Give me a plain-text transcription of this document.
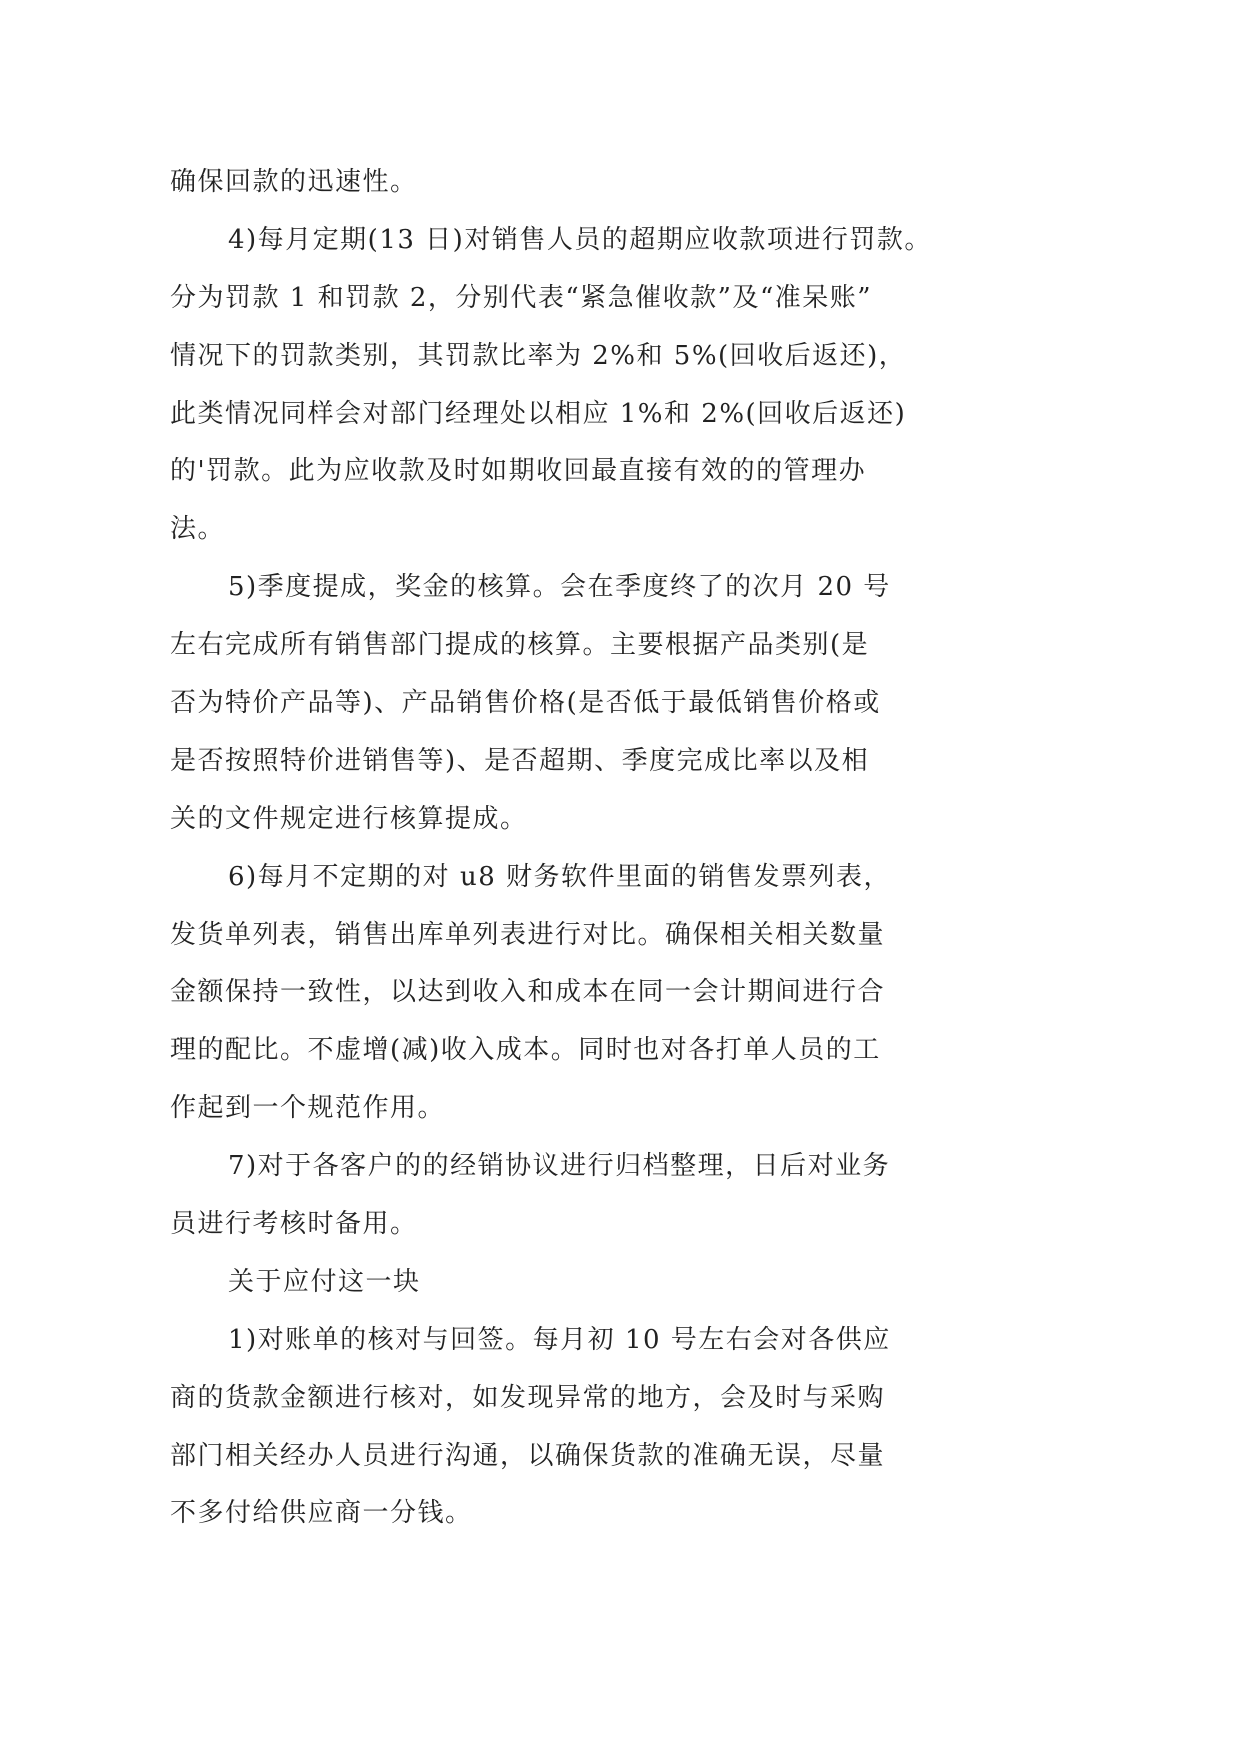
确保回款的迅速性。
4)每月定期(13 日)对销售人员的超期应收款项进行罚款。
分为罚款 1 和罚款 2，分别代表“紧急催收款”及“准呆账”
情况下的罚款类别，其罚款比率为 2%和 5%(回收后返还)，
此类情况同样会对部门经理处以相应 1%和 2%(回收后返还)
的'罚款。此为应收款及时如期收回最直接有效的的管理办
法。
5)季度提成，奖金的核算。会在季度终了的次月 20 号
左右完成所有销售部门提成的核算。主要根据产品类别(是
否为特价产品等)、产品销售价格(是否低于最低销售价格或
是否按照特价进销售等)、是否超期、季度完成比率以及相
关的文件规定进行核算提成。
6)每月不定期的对 u8 财务软件里面的销售发票列表，
发货单列表，销售出库单列表进行对比。确保相关相关数量
金额保持一致性，以达到收入和成本在同一会计期间进行合
理的配比。不虚增(减)收入成本。同时也对各打单人员的工
作起到一个规范作用。
7)对于各客户的的经销协议进行归档整理，日后对业务
员进行考核时备用。
关于应付这一块
1)对账单的核对与回签。每月初 10 号左右会对各供应
商的货款金额进行核对，如发现异常的地方，会及时与采购
部门相关经办人员进行沟通，以确保货款的准确无误，尽量
不多付给供应商一分钱。
